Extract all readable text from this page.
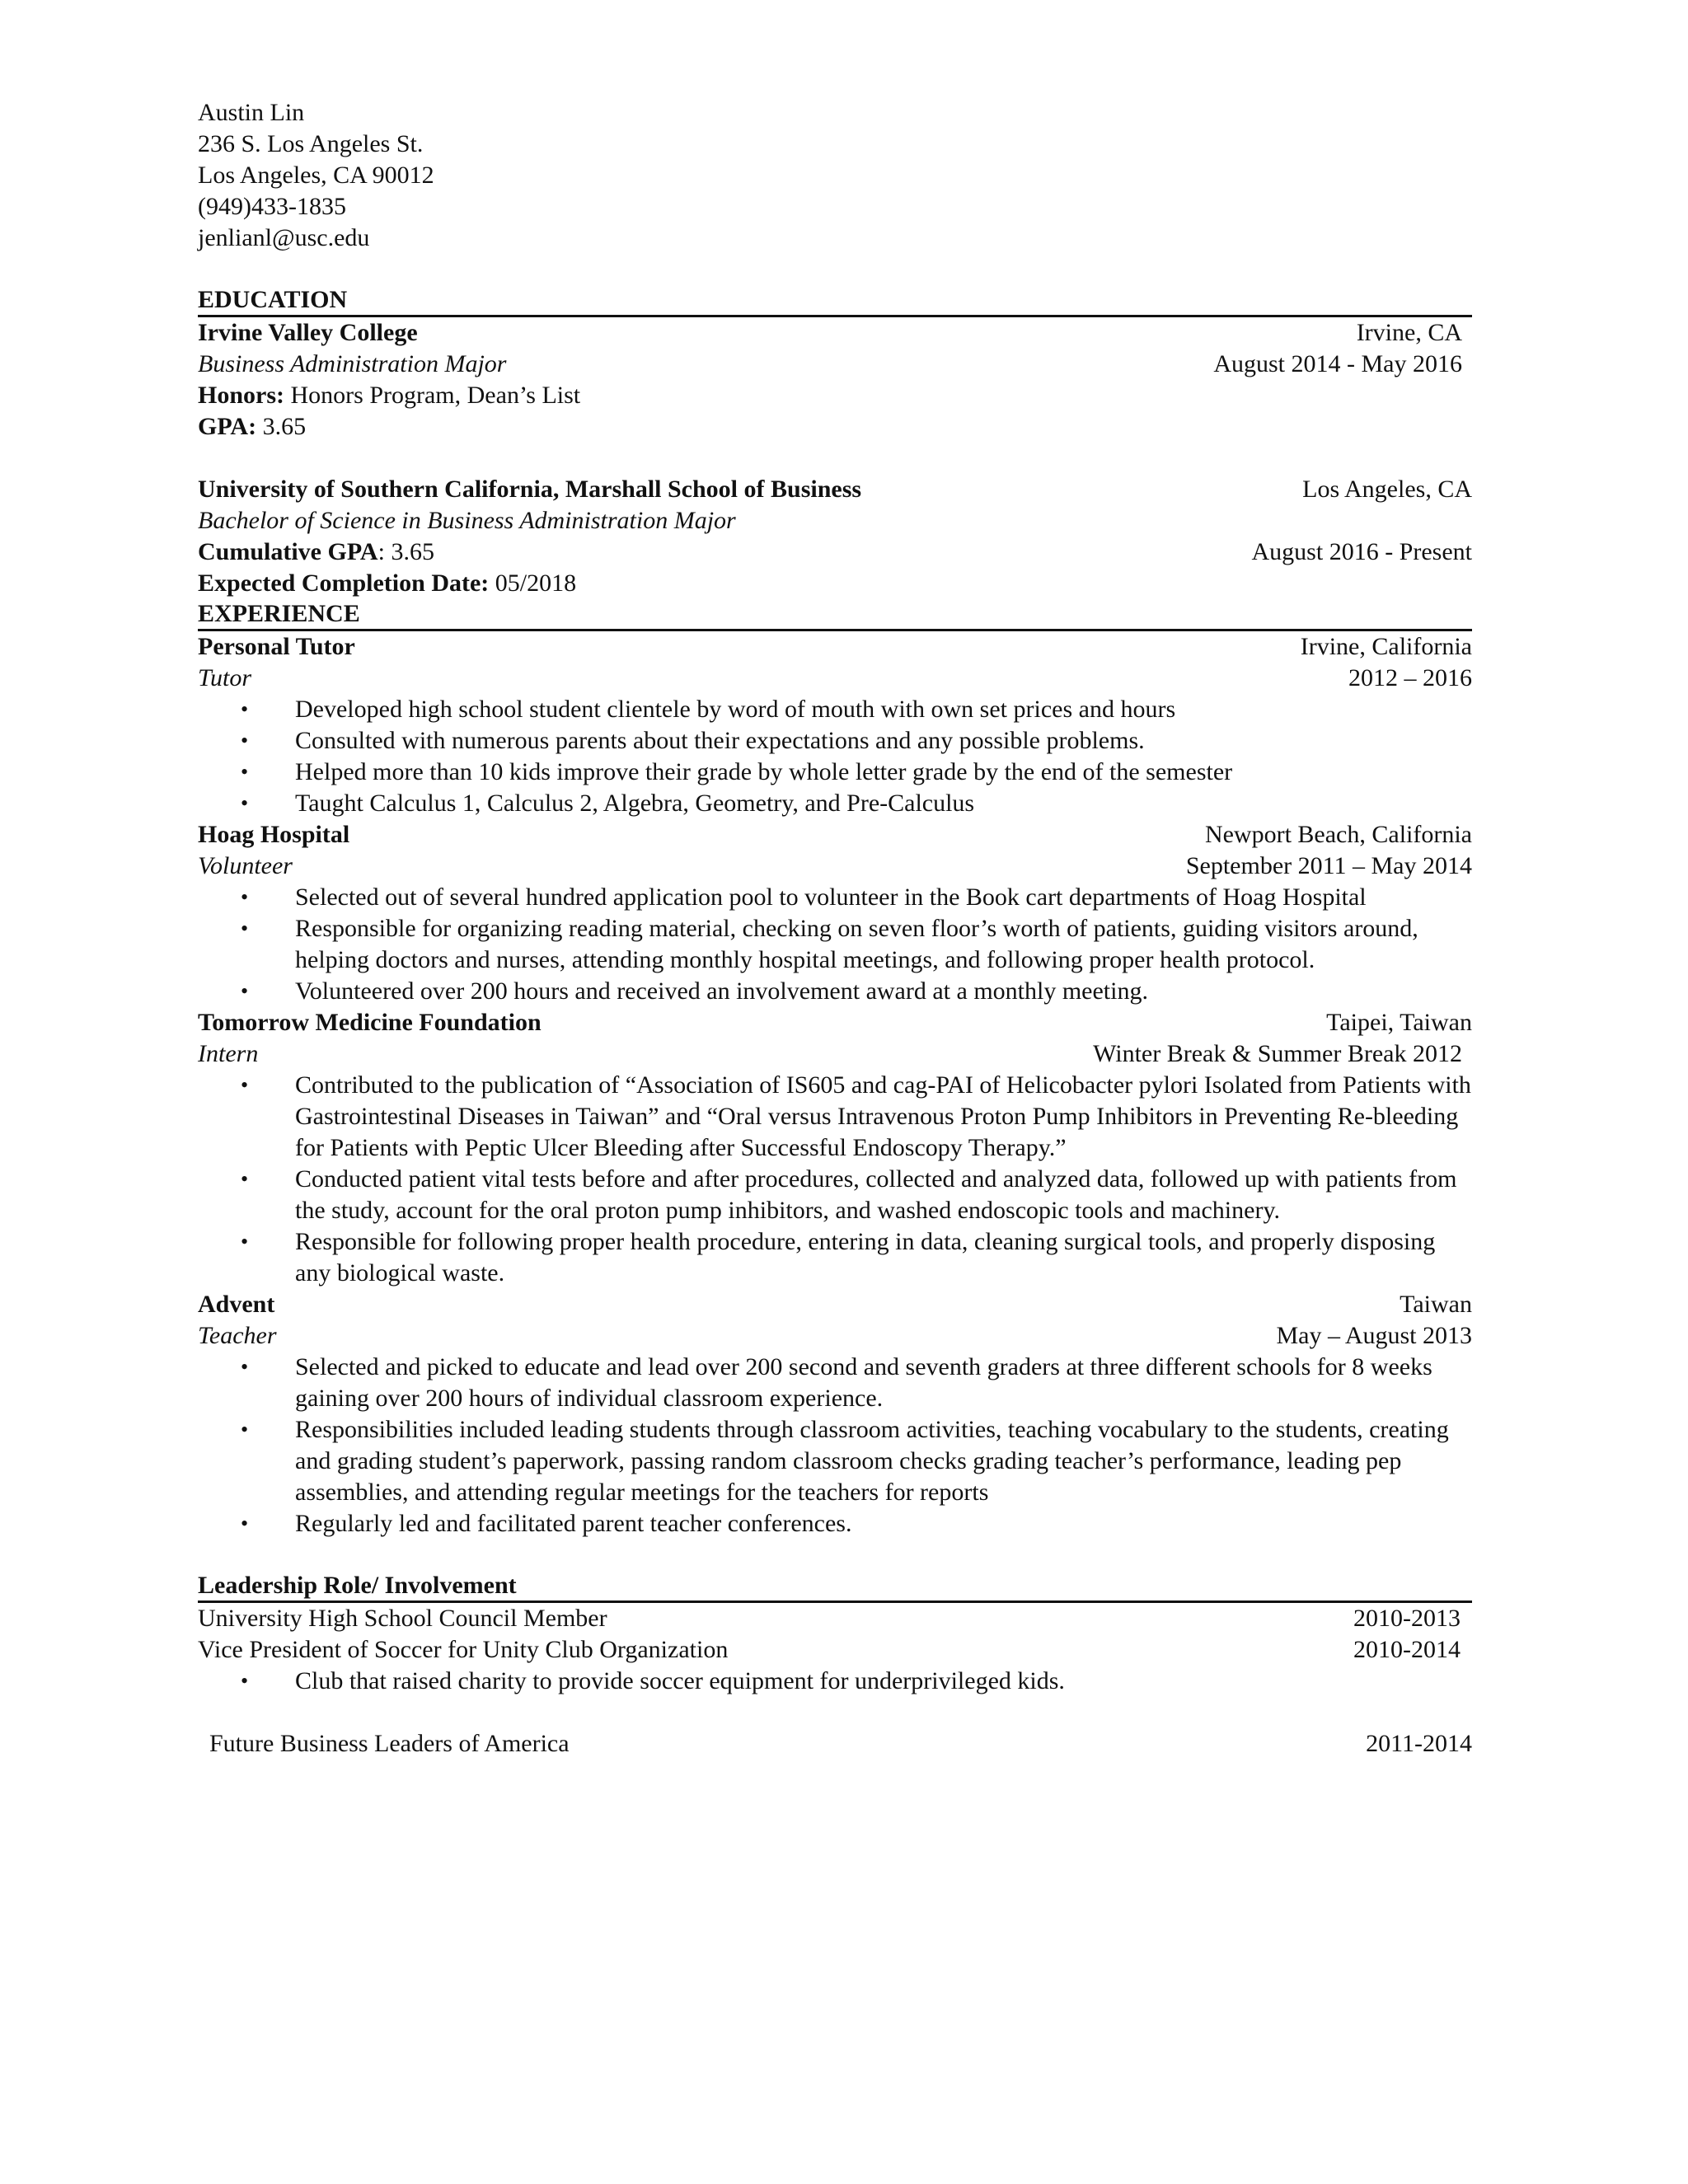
Austin Lin
236 S. Los Angeles St.
Los Angeles, CA 90012
(949)433-1835
jenlianl@usc.edu
EDUCATION
Irvine Valley College	Irvine, CA
Business Administration Major	August 2014 - May 2016
Honors: Honors Program, Dean’s List
GPA: 3.65
University of Southern California, Marshall School of Business	Los Angeles, CA
Bachelor of Science in Business Administration Major
Cumulative GPA: 3.65	August 2016 - Present
Expected Completion Date: 05/2018
EXPERIENCE
Personal Tutor	Irvine, California
Tutor	2012 – 2016
• Developed high school student clientele by word of mouth with own set prices and hours
• Consulted with numerous parents about their expectations and any possible problems.
• Helped more than 10 kids improve their grade by whole letter grade by the end of the semester
• Taught Calculus 1, Calculus 2, Algebra, Geometry, and Pre-Calculus
Hoag Hospital	Newport Beach, California
Volunteer	September 2011 – May 2014
• Selected out of several hundred application pool to volunteer in the Book cart departments of Hoag Hospital
• Responsible for organizing reading material, checking on seven floor’s worth of patients, guiding visitors around, helping doctors and nurses, attending monthly hospital meetings, and following proper health protocol.
• Volunteered over 200 hours and received an involvement award at a monthly meeting.
Tomorrow Medicine Foundation	Taipei, Taiwan
Intern	Winter Break & Summer Break 2012
• Contributed to the publication of “Association of IS605 and cag-PAI of Helicobacter pylori Isolated from Patients with Gastrointestinal Diseases in Taiwan” and “Oral versus Intravenous Proton Pump Inhibitors in Preventing Re-bleeding for Patients with Peptic Ulcer Bleeding after Successful Endoscopy Therapy.”
• Conducted patient vital tests before and after procedures, collected and analyzed data, followed up with patients from the study, account for the oral proton pump inhibitors, and washed endoscopic tools and machinery.
• Responsible for following proper health procedure, entering in data, cleaning surgical tools, and properly disposing any biological waste.
Advent	Taiwan
Teacher	May – August 2013
• Selected and picked to educate and lead over 200 second and seventh graders at three different schools for 8 weeks gaining over 200 hours of individual classroom experience.
• Responsibilities included leading students through classroom activities, teaching vocabulary to the students, creating and grading student’s paperwork, passing random classroom checks grading teacher’s performance, leading pep assemblies, and attending regular meetings for the teachers for reports
• Regularly led and facilitated parent teacher conferences.
Leadership Role/ Involvement
University High School Council Member	2010-2013
Vice President of Soccer for Unity Club Organization	2010-2014
• Club that raised charity to provide soccer equipment for underprivileged kids.
Future Business Leaders of America	2011-2014
